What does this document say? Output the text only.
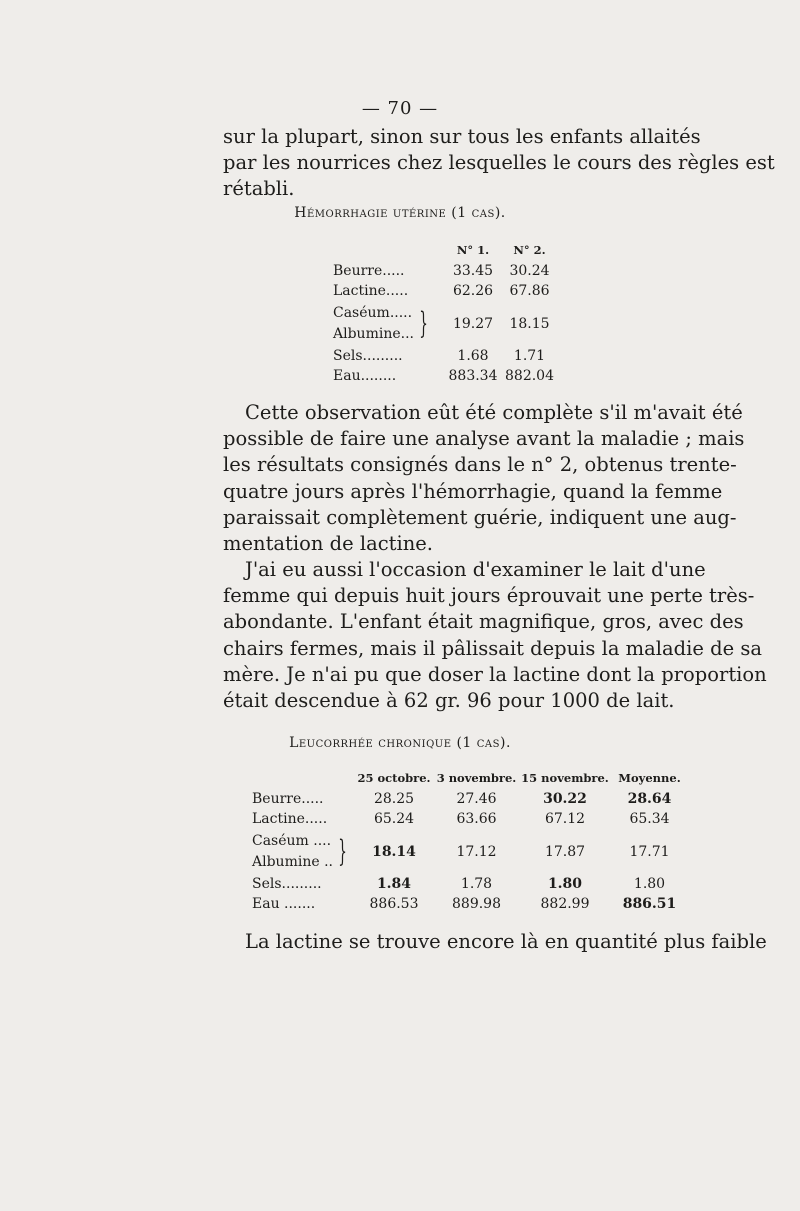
— 70 —
sur la plupart, sinon sur tous les enfants allaités
par les nourrices chez lesquelles le cours des règles est
rétabli.
Hémorrhagie utérine (1 cas).
	N° 1.	N° 2.
Beurre.....	33.45	30.24
Lactine.....	62.26	67.86

Caséum.....
Albumine... }	19.27	18.15
Sels.........	1.68	1.71
Eau........	883.34	882.04
Cette observation eût été complète s'il m'avait été
possible de faire une analyse avant la maladie ; mais
les résultats consignés dans le n° 2, obtenus trente-
quatre jours après l'hémorrhagie, quand la femme
paraissait complètement guérie, indiquent une aug-
mentation de lactine.
J'ai eu aussi l'occasion d'examiner le lait d'une
femme qui depuis huit jours éprouvait une perte très-
abondante. L'enfant était magnifique, gros, avec des
chairs fermes, mais il pâlissait depuis la maladie de sa
mère. Je n'ai pu que doser la lactine dont la proportion
était descendue à 62 gr. 96 pour 1000 de lait.
Leucorrhée chronique (1 cas).
	25 octobre.	3 novembre.	15 novembre.	Moyenne.
Beurre.....	28.25	27.46	30.22	28.64
Lactine.....	65.24	63.66	67.12	65.34

Caséum ....
Albumine .. }	18.14	17.12	17.87	17.71
Sels.........	1.84	1.78	1.80	1.80
Eau .......	886.53	889.98	882.99	886.51
La lactine se trouve encore là en quantité plus faible
